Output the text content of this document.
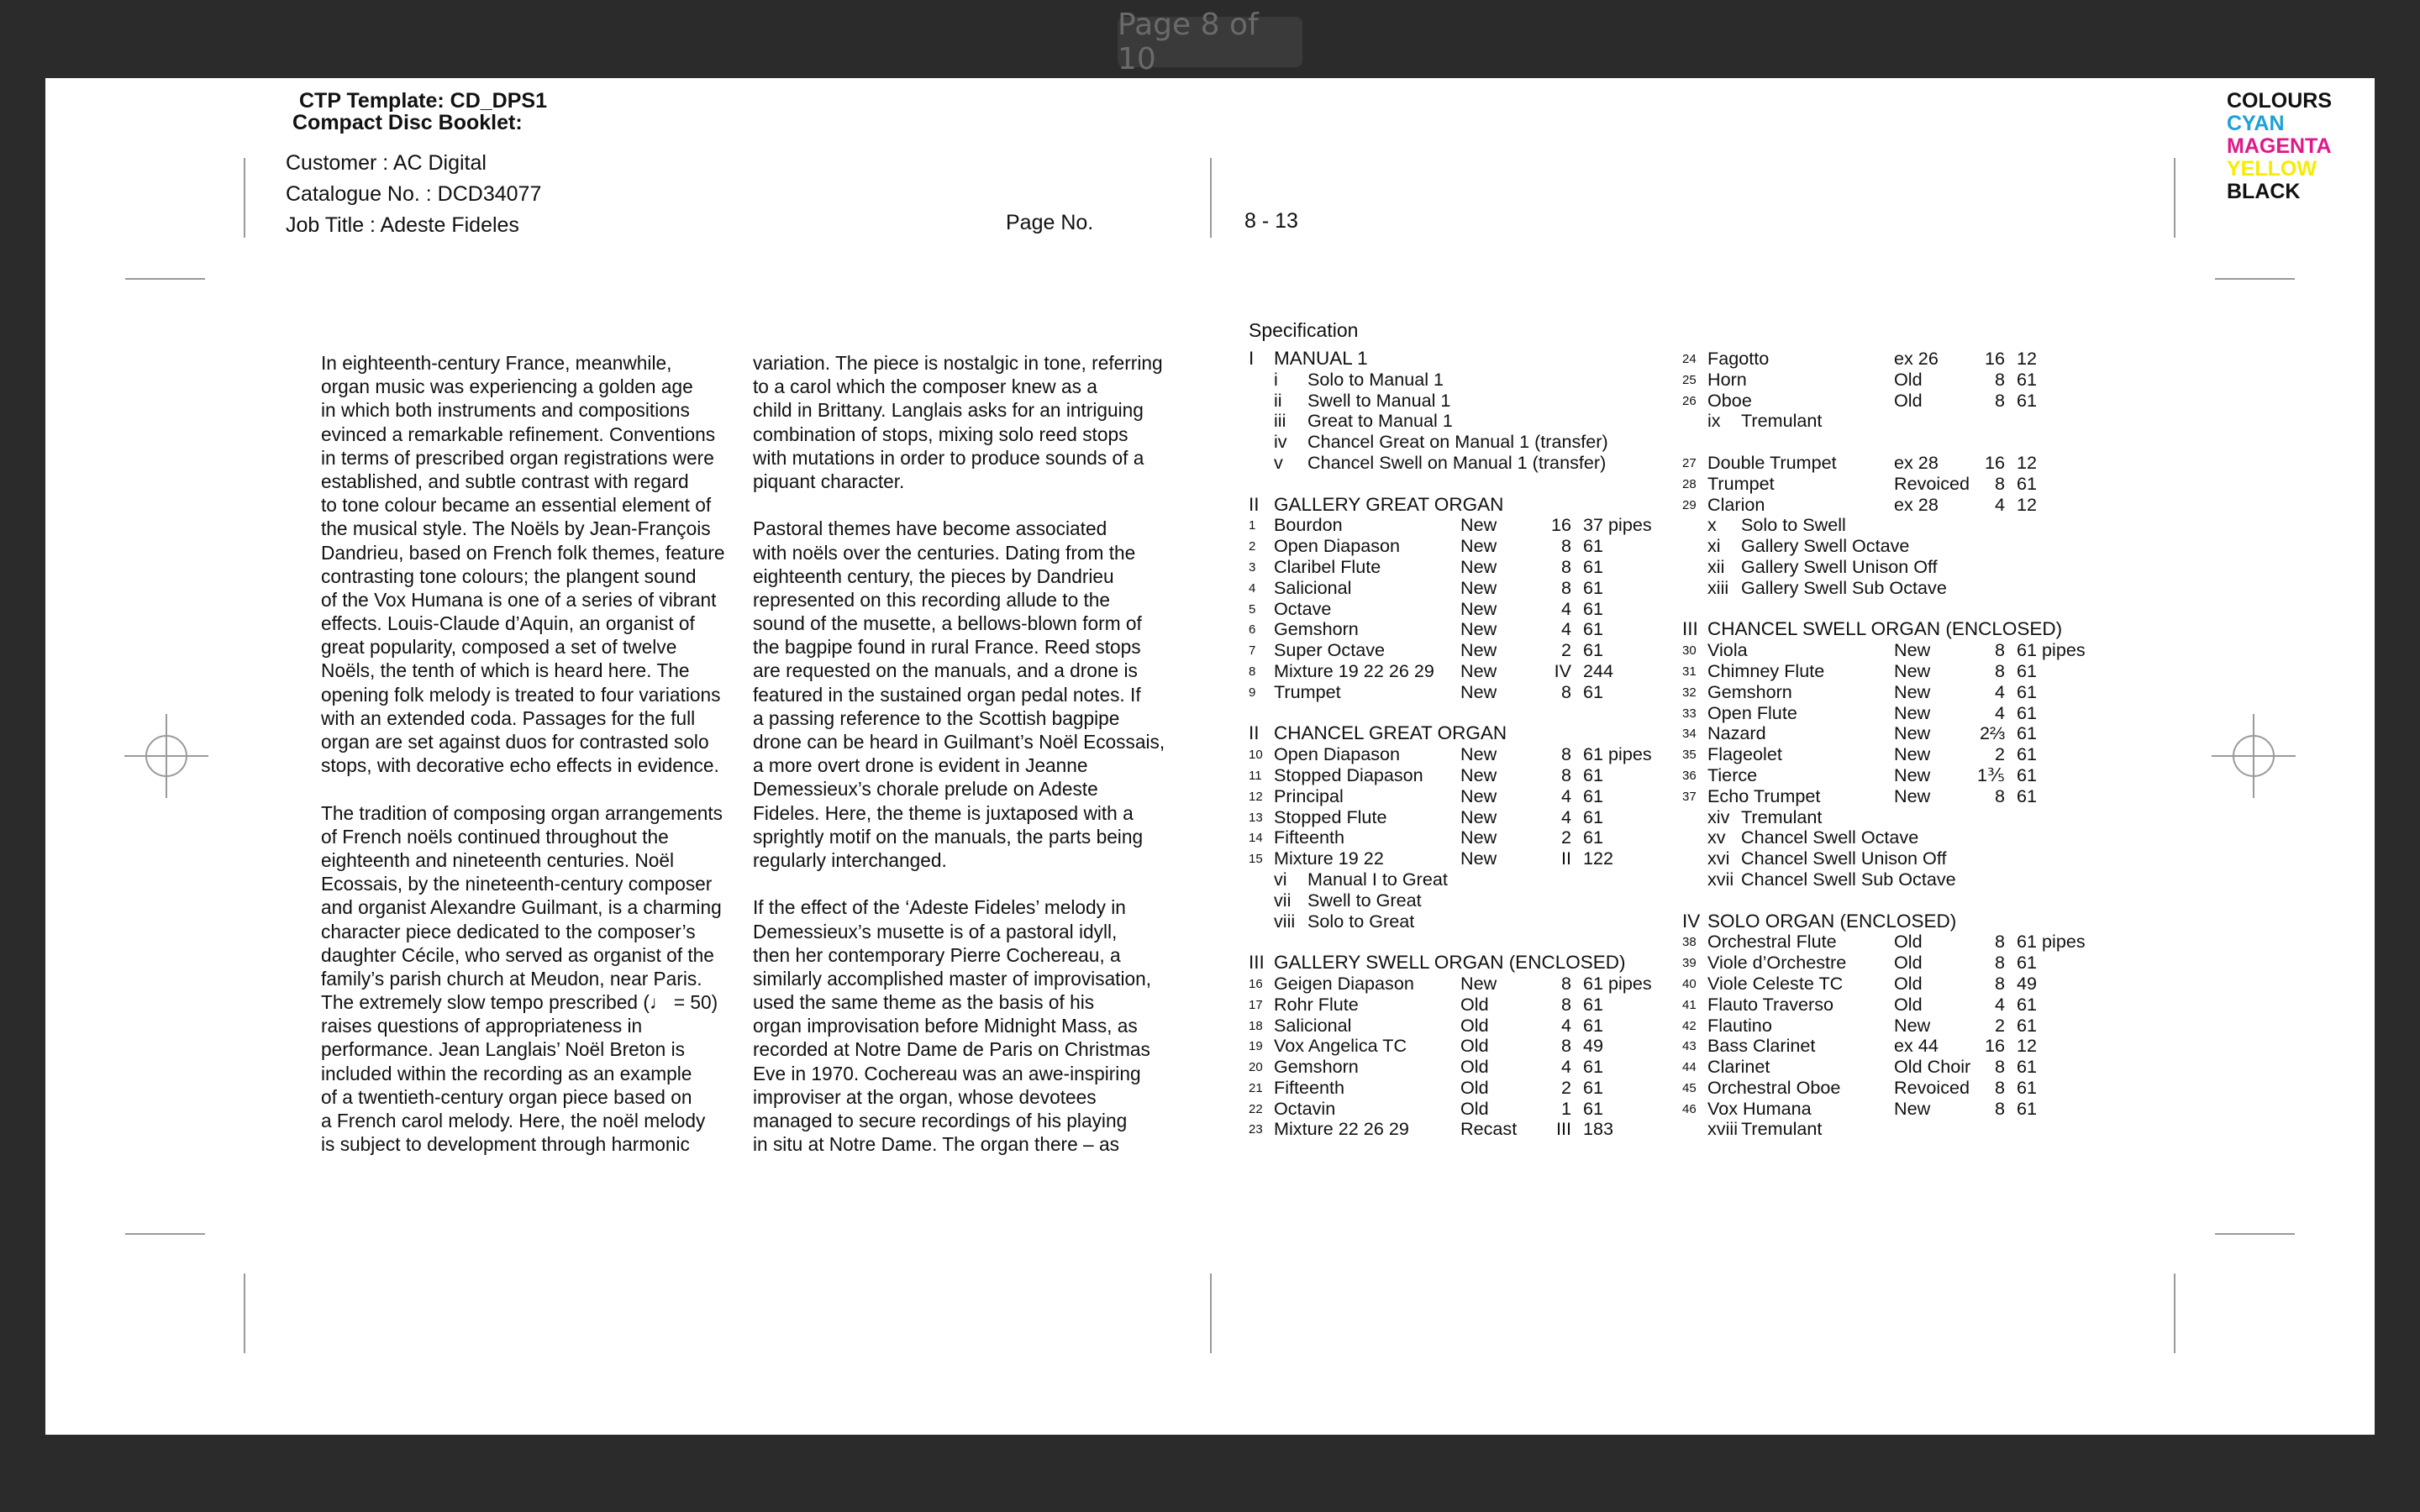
Page 8 of 10
CTP Template: CD_DPS1
Compact Disc Booklet:
Customer : AC Digital
Catalogue No. : DCD34077
Job Title : Adeste Fideles	Page No.	8 - 13
COLOURS
CYAN
MAGENTA
YELLOW
BLACK
In eighteenth-century France, meanwhile,
organ music was experiencing a golden age
in which both instruments and compositions
evinced a remarkable refinement. Conventions
in terms of prescribed organ registrations were
established, and subtle contrast with regard
to tone colour became an essential element of
the musical style. The Noëls by Jean-François
Dandrieu, based on French folk themes, feature
contrasting tone colours; the plangent sound
of the Vox Humana is one of a series of vibrant
effects. Louis-Claude d’Aquin, an organist of
great popularity, composed a set of twelve
Noëls, the tenth of which is heard here. The
opening folk melody is treated to four variations
with an extended coda. Passages for the full
organ are set against duos for contrasted solo
stops, with decorative echo effects in evidence.
The tradition of composing organ arrangements
of French noëls continued throughout the
eighteenth and nineteenth centuries. Noël
Ecossais, by the nineteenth-century composer
and organist Alexandre Guilmant, is a charming
character piece dedicated to the composer’s
daughter Cécile, who served as organist of the
family’s parish church at Meudon, near Paris.
The extremely slow tempo prescribed (♩ = 50)
raises questions of appropriateness in
performance. Jean Langlais’ Noël Breton is
included within the recording as an example
of a twentieth-century organ piece based on
a French carol melody. Here, the noël melody
is subject to development through harmonic
variation. The piece is nostalgic in tone, referring
to a carol which the composer knew as a
child in Brittany. Langlais asks for an intriguing
combination of stops, mixing solo reed stops
with mutations in order to produce sounds of a
piquant character.
Pastoral themes have become associated
with noëls over the centuries. Dating from the
eighteenth century, the pieces by Dandrieu
represented on this recording allude to the
sound of the musette, a bellows-blown form of
the bagpipe found in rural France. Reed stops
are requested on the manuals, and a drone is
featured in the sustained organ pedal notes. If
a passing reference to the Scottish bagpipe
drone can be heard in Guilmant’s Noël Ecossais,
a more overt drone is evident in Jeanne
Demessieux’s chorale prelude on Adeste
Fideles. Here, the theme is juxtaposed with a
sprightly motif on the manuals, the parts being
regularly interchanged.
If the effect of the ‘Adeste Fideles’ melody in
Demessieux’s musette is of a pastoral idyll,
then her contemporary Pierre Cochereau, a
similarly accomplished master of improvisation,
used the same theme as the basis of his
organ improvisation before Midnight Mass, as
recorded at Notre Dame de Paris on Christmas
Eve in 1970. Cochereau was an awe-inspiring
improviser at the organ, whose devotees
managed to secure recordings of his playing
in situ at Notre Dame. The organ there – as
Specification
I MANUAL 1
i Solo to Manual 1
ii Swell to Manual 1
iii Great to Manual 1
iv Chancel Great on Manual 1 (transfer)
v Chancel Swell on Manual 1 (transfer)
II GALLERY GREAT ORGAN
1 Bourdon	New	16 37 pipes
2 Open Diapason	New	8 61
3 Claribel Flute	New	8 61
4 Salicional	New	8 61
5 Octave	New	4 61
6 Gemshorn	New	4 61
7 Super Octave	New	2 61
8 Mixture 19 22 26 29 New	IV 244
9 Trumpet	New	8 61
II CHANCEL GREAT ORGAN
10 Open Diapason	New	8 61 pipes
11 Stopped Diapason New	8 61
12 Principal	New	4 61
13 Stopped Flute	New	4 61
14 Fifteenth	New	2 61
15 Mixture 19 22	New	II 122
vi Manual I to Great
vii Swell to Great
viii Solo to Great
III GALLERY SWELL ORGAN (ENCLOSED)
16 Geigen Diapason	New	8 61 pipes
17 Rohr Flute	Old	8 61
18 Salicional	Old	4 61
19 Vox Angelica TC	Old	8 49
20 Gemshorn	Old	4 61
21 Fifteenth	Old	2 61
22 Octavin	Old	1 61
23 Mixture 22 26 29	Recast III 183
24 Fagotto	ex 26	16 12
25 Horn	Old	8 61
26 Oboe	Old	8 61
ix Tremulant
27 Double Trumpet	ex 28	16 12
28 Trumpet	Revoiced 8 61
29 Clarion	ex 28	4 12
x Solo to Swell
xi Gallery Swell Octave
xii Gallery Swell Unison Off
xiii Gallery Swell Sub Octave
III CHANCEL SWELL ORGAN (ENCLOSED)
30 Viola	New	8 61 pipes
31 Chimney Flute	New	8 61
32 Gemshorn	New	4 61
33 Open Flute	New	4 61
34 Nazard	New	2⅔ 61
35 Flageolet	New	2 61
36 Tierce	New	1⅗ 61
37 Echo Trumpet	New	8 61
xiv Tremulant
xv Chancel Swell Octave
xvi Chancel Swell Unison Off
xvii Chancel Swell Sub Octave
IV SOLO ORGAN (ENCLOSED)
38 Orchestral Flute	Old	8 61 pipes
39 Viole d’Orchestre	Old	8 61
40 Viole Celeste TC	Old	8 49
41 Flauto Traverso	Old	4 61
42 Flautino	New	2 61
43 Bass Clarinet	ex 44	16 12
44 Clarinet	Old Choir 8 61
45 Orchestral Oboe	Revoiced 8 61
46 Vox Humana	New	8 61
xviii Tremulant
